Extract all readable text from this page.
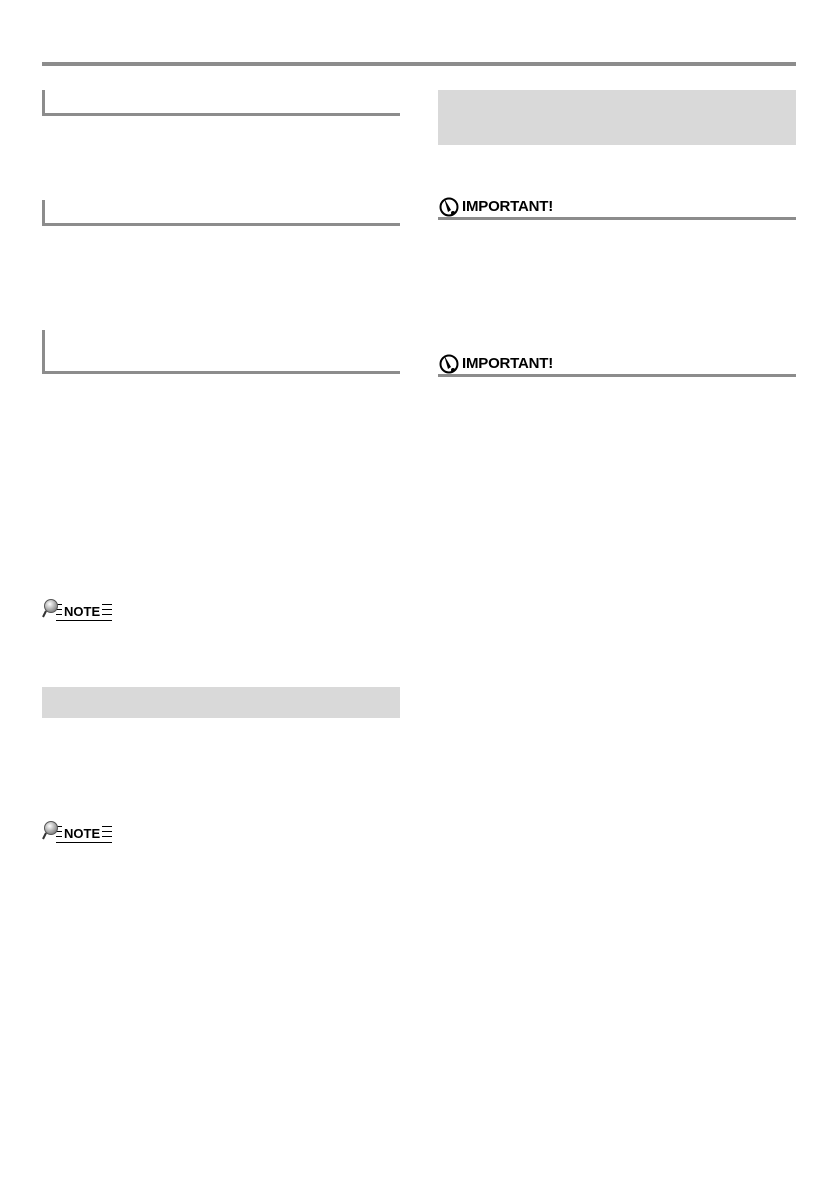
NOTE
NOTE
IMPORTANT!
IMPORTANT!
